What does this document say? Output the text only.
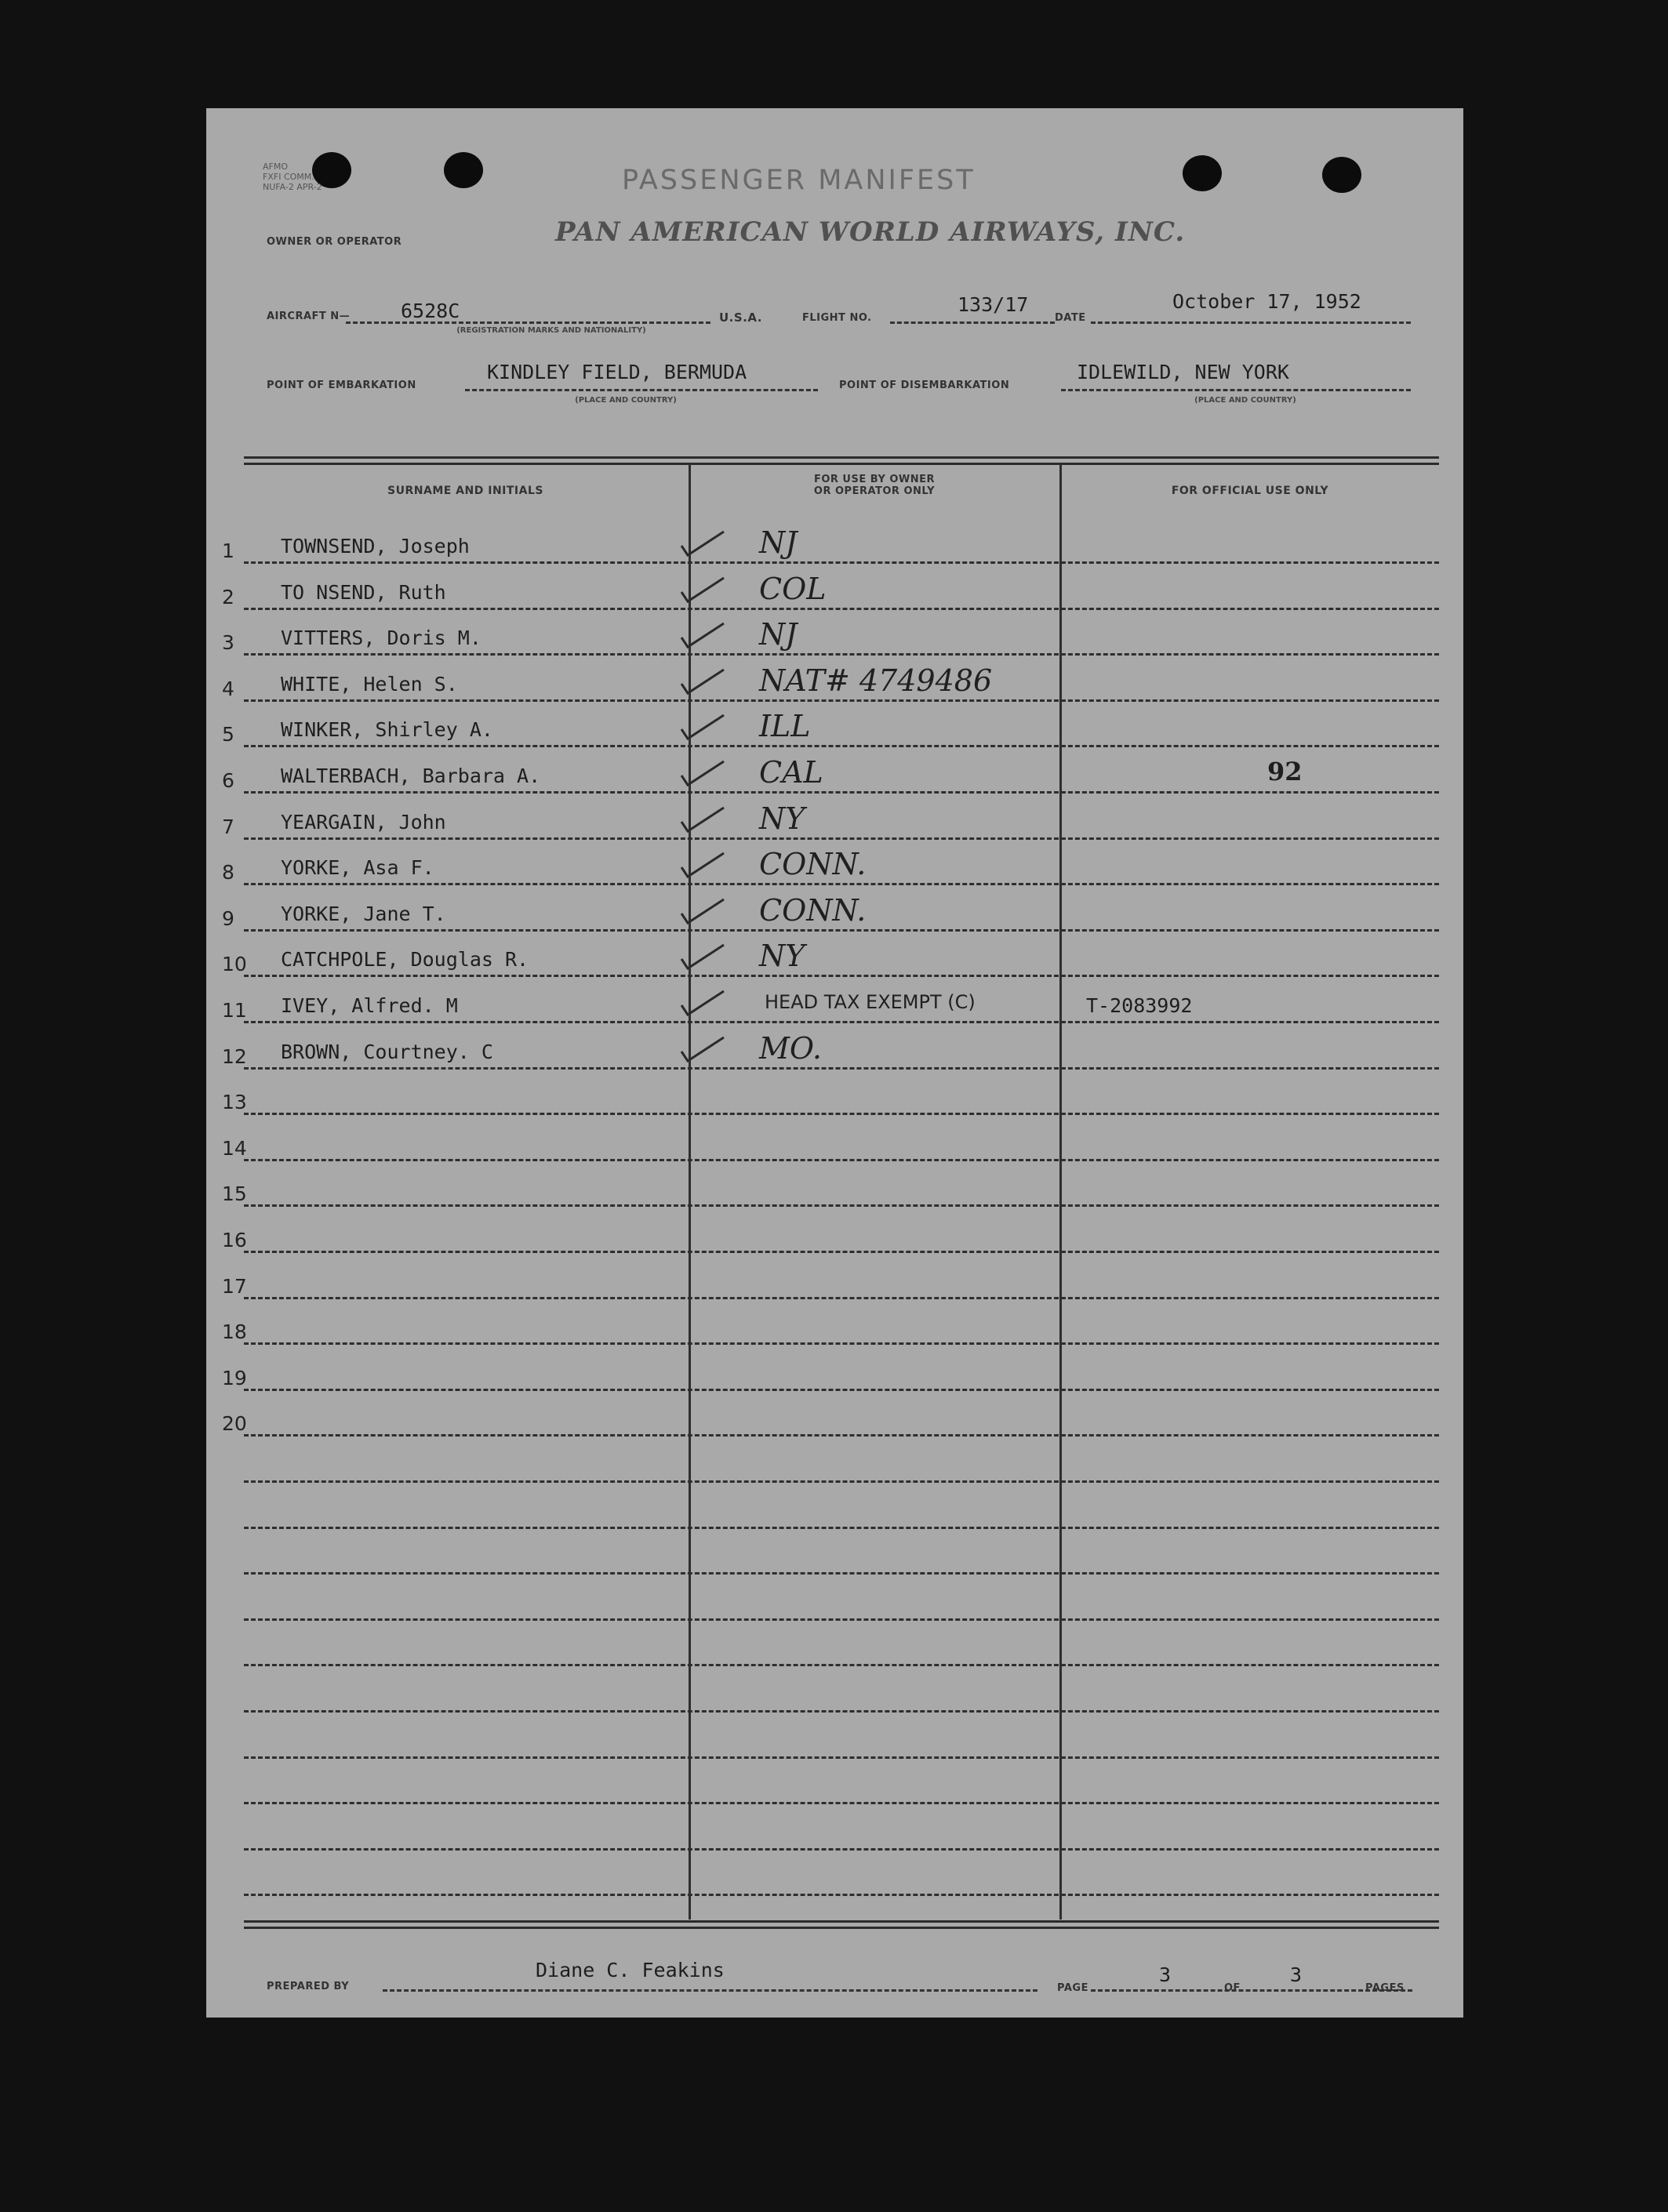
AFMO
FXFI COMM.
NUFA-2 APR-2	PASSENGER MANIFEST
OWNER OR OPERATOR	PAN AMERICAN WORLD AIRWAYS, INC.
AIRCRAFT N—	6528C
(REGISTRATION MARKS AND NATIONALITY)
U.S.A.	FLIGHT NO.
133/17
DATE
October 17, 1952
POINT OF EMBARKATION
KINDLEY FIELD, BERMUDA
(PLACE AND COUNTRY)
POINT OF DISEMBARKATION
IDLEWILD, NEW YORK
(PLACE AND COUNTRY)
SURNAME AND INITIALS
FOR USE BY OWNER
OR OPERATOR ONLY	FOR OFFICIAL USE ONLY
1	TOWNSEND, Joseph	NJ
2	TO NSEND, Ruth	COL
3	VITTERS, Doris M.	NJ
4	WHITE, Helen S.	NAT# 4749486
5	WINKER, Shirley A.	ILL
6	WALTERBACH, Barbara A.	CAL	92
7	YEARGAIN, John	NY
8	YORKE, Asa F.	CONN.
9	YORKE, Jane T.	CONN.
10	CATCHPOLE, Douglas R.	NY
11	IVEY, Alfred. M	HEAD TAX EXEMPT (C)	T-2083992
12	BROWN, Courtney. C	MO.
13
14
15
16
17
18
19
20
PREPARED BY
Diane C. Feakins
PAGE
3
OF
3
PAGES
